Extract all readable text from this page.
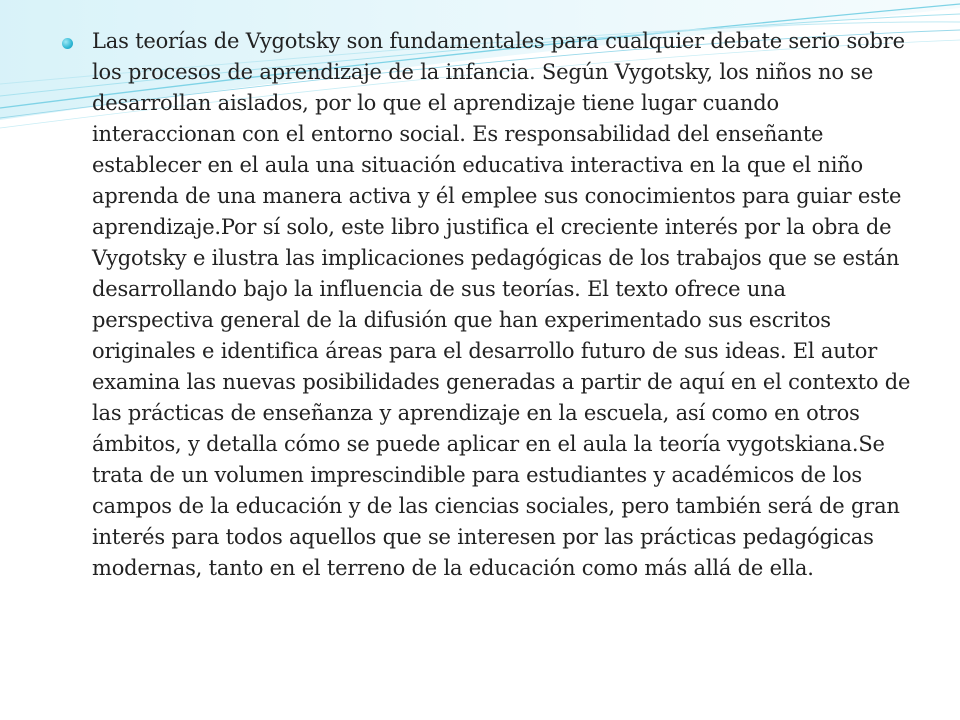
Las teorías de Vygotsky son fundamentales para cualquier debate serio sobre los procesos de aprendizaje de la infancia. Según Vygotsky, los niños no se desarrollan aislados, por lo que el aprendizaje tiene lugar cuando interaccionan con el entorno social. Es responsabilidad del enseñante establecer en el aula una situación educativa interactiva en la que el niño aprenda de una manera activa y él emplee sus conocimientos para guiar este aprendizaje.Por sí solo, este libro justifica el creciente interés por la obra de Vygotsky e ilustra las implicaciones pedagógicas de los trabajos que se están desarrollando bajo la influencia de sus teorías. El texto ofrece una perspectiva general de la difusión que han experimentado sus escritos originales e identifica áreas para el desarrollo futuro de sus ideas. El autor examina las nuevas posibilidades generadas a partir de aquí en el contexto de las prácticas de enseñanza y aprendizaje en la escuela, así como en otros ámbitos, y detalla cómo se puede aplicar en el aula la teoría vygotskiana.Se trata de un volumen imprescindible para estudiantes y académicos de los campos de la educación y de las ciencias sociales, pero también será de gran interés para todos aquellos que se interesen por las prácticas pedagógicas modernas, tanto en el terreno de la educación como más allá de ella.
